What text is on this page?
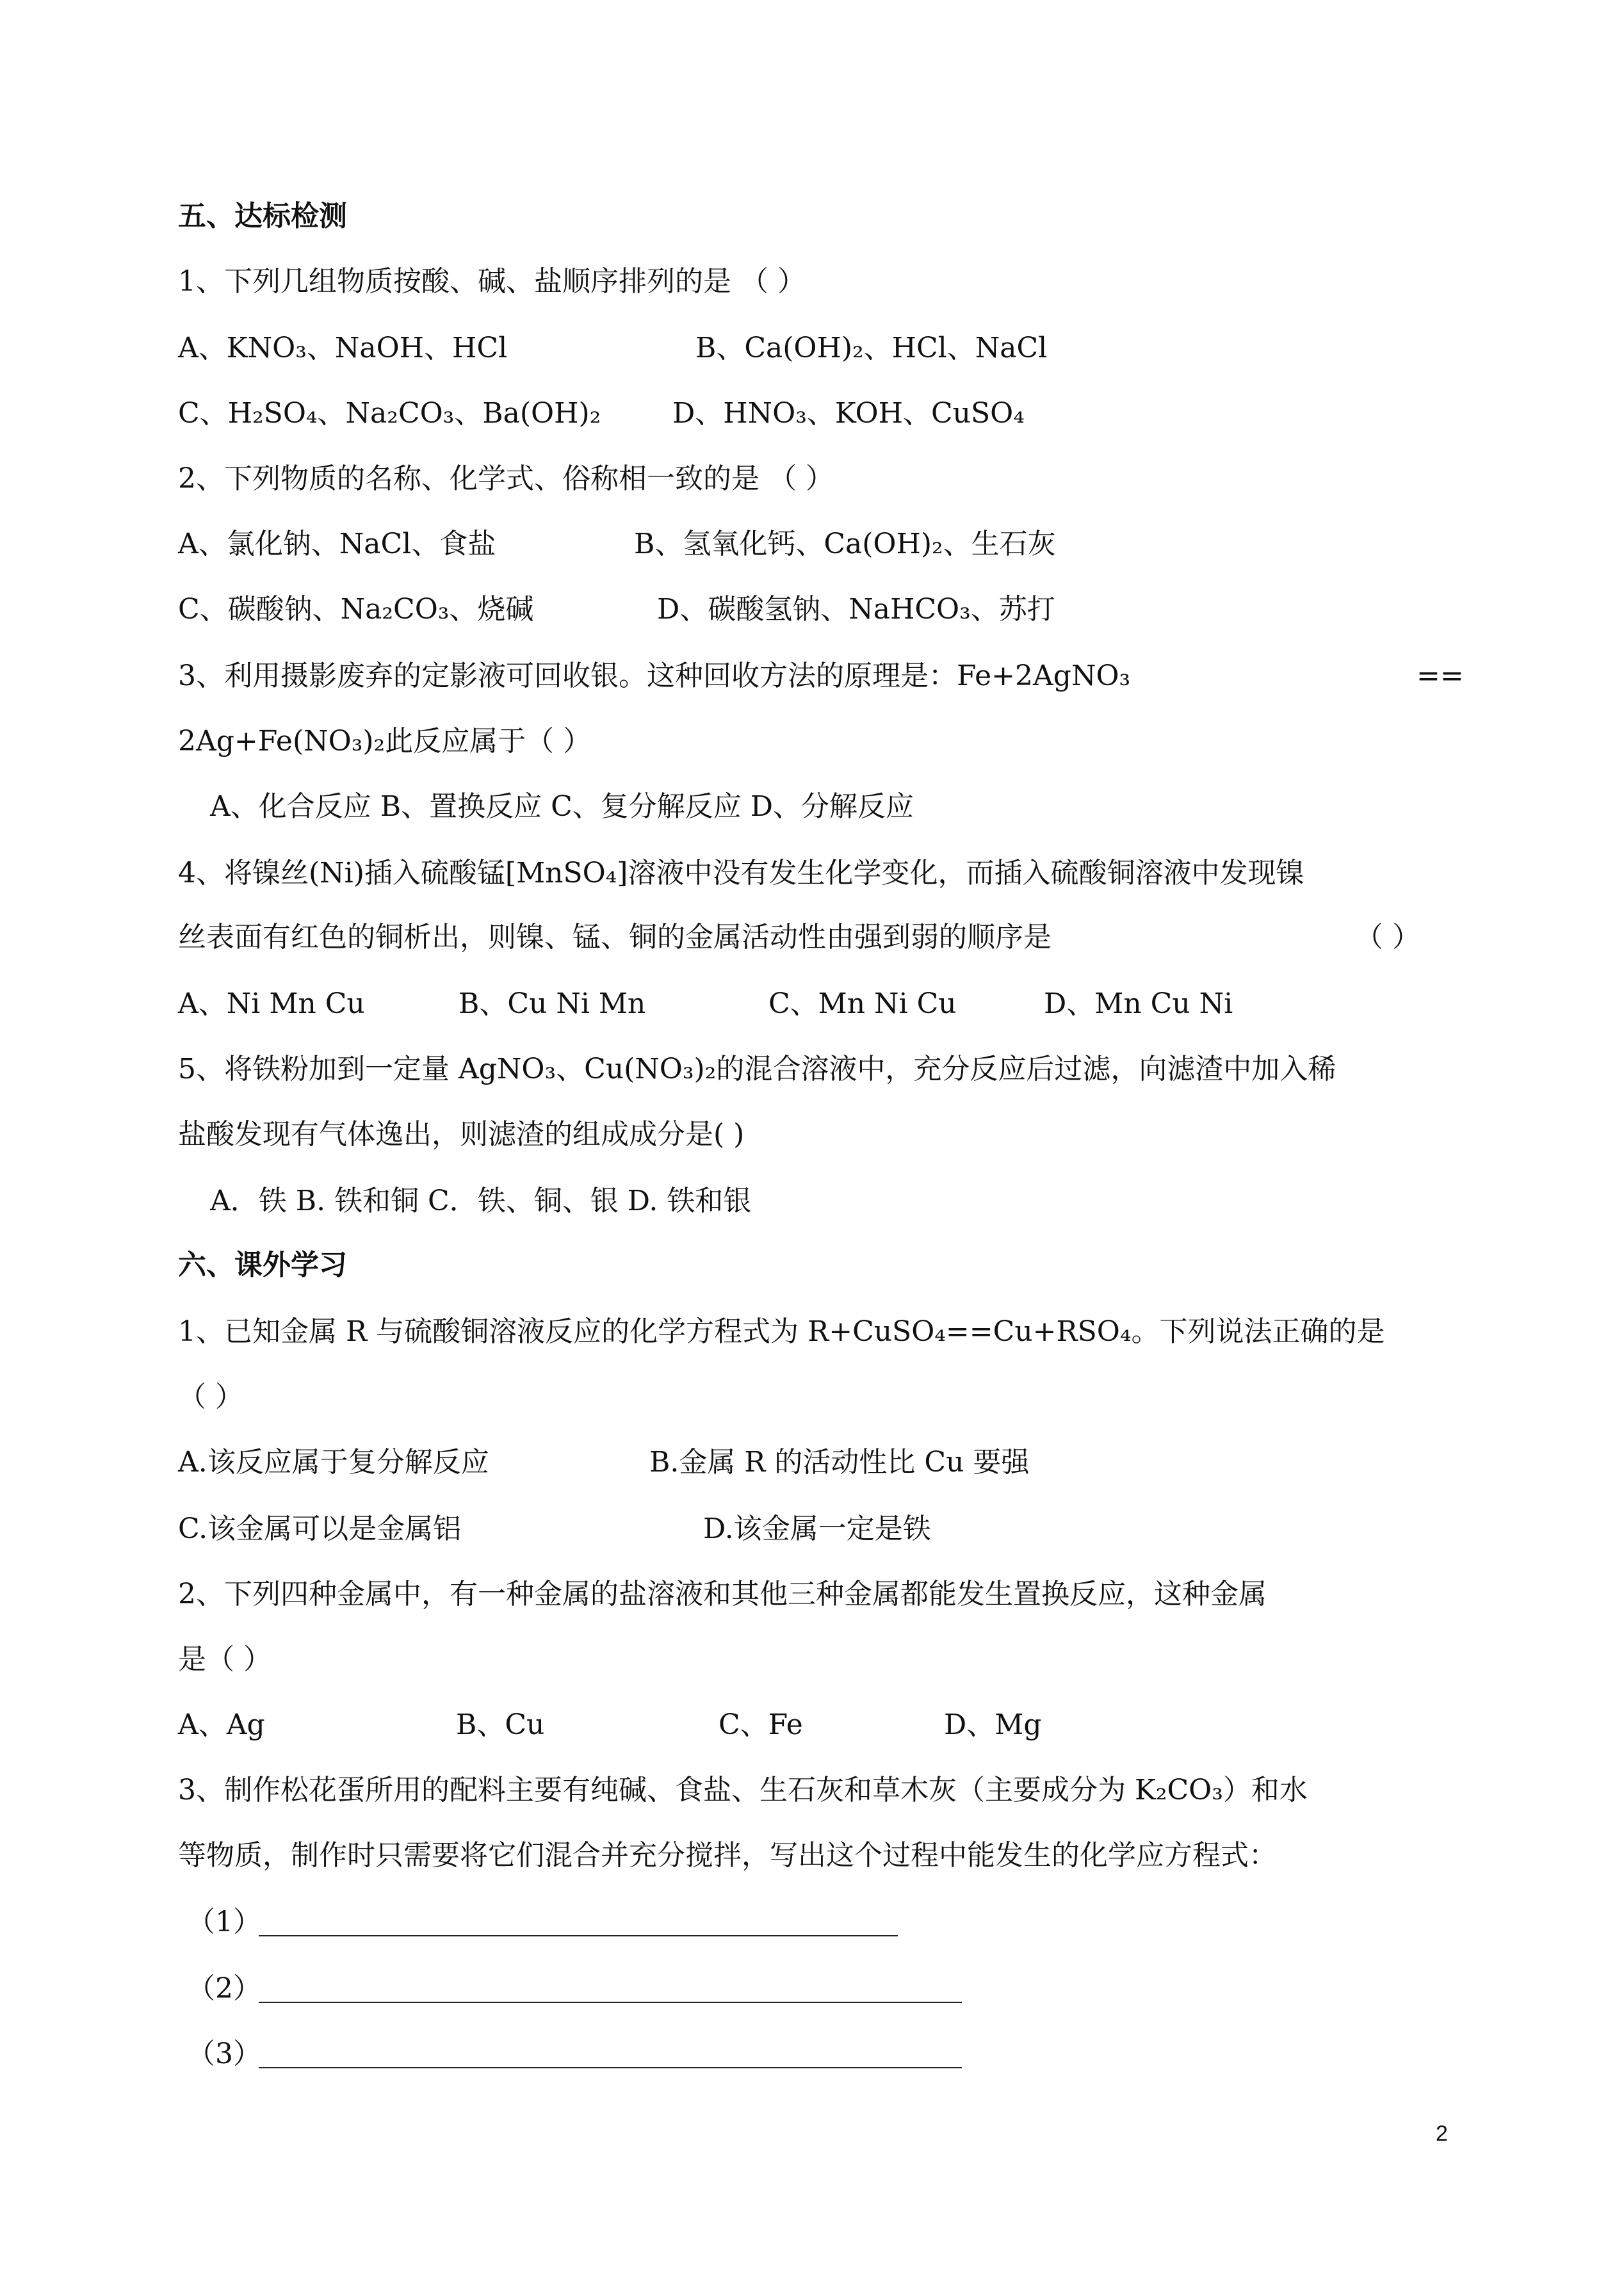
五、达标检测
1、下列几组物质按酸、碱、盐顺序排列的是 （ ）
A、KNO₃、NaOH、HCl	B、Ca(OH)₂、HCl、NaCl
C、H₂SO₄、Na₂CO₃、Ba(OH)₂	D、HNO₃、KOH、CuSO₄
2、下列物质的名称、化学式、俗称相一致的是 （ ）
A、氯化钠、NaCl、食盐	B、氢氧化钙、Ca(OH)₂、生石灰
C、碳酸钠、Na₂CO₃、烧碱	D、碳酸氢钠、NaHCO₃、苏打
3、利用摄影废弃的定影液可回收银。这种回收方法的原理是：Fe+2AgNO₃	==
2Ag+Fe(NO₃)₂此反应属于（ ）
A、化合反应 B、置换反应 C、复分解反应 D、分解反应
4、将镍丝(Ni)插入硫酸锰[MnSO₄]溶液中没有发生化学变化，而插入硫酸铜溶液中发现镍
丝表面有红色的铜析出，则镍、锰、铜的金属活动性由强到弱的顺序是	（ ）
A、Ni Mn Cu	B、Cu Ni Mn	C、Mn Ni Cu	D、Mn Cu Ni
5、将铁粉加到一定量 AgNO₃、Cu(NO₃)₂的混合溶液中，充分反应后过滤，向滤渣中加入稀
盐酸发现有气体逸出，则滤渣的组成成分是( )
A．铁 B. 铁和铜 C．铁、铜、银 D. 铁和银
六、课外学习
1、已知金属 R 与硫酸铜溶液反应的化学方程式为 R+CuSO₄==Cu+RSO₄。下列说法正确的是
（ ）
A.该反应属于复分解反应	B.金属 R 的活动性比 Cu 要强
C.该金属可以是金属铝	D.该金属一定是铁
2、下列四种金属中，有一种金属的盐溶液和其他三种金属都能发生置换反应，这种金属
是（ ）
A、Ag	B、Cu	C、Fe	D、Mg
3、制作松花蛋所用的配料主要有纯碱、食盐、生石灰和草木灰（主要成分为 K₂CO₃）和水
等物质，制作时只需要将它们混合并充分搅拌，写出这个过程中能发生的化学应方程式：
（1）
（2）
（3）
2
